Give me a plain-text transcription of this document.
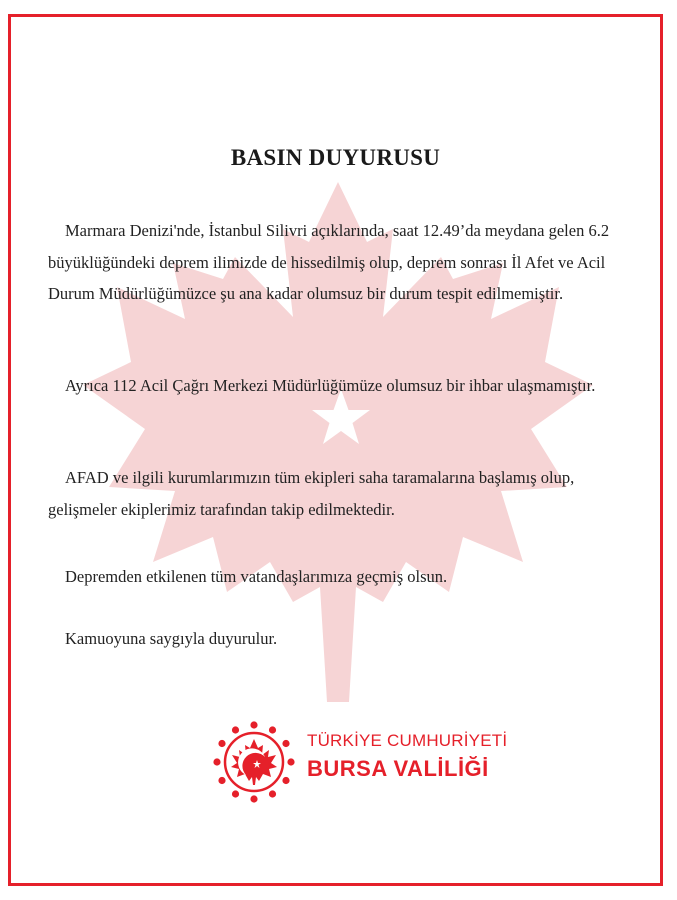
BASIN DUYURUSU

Marmara Denizi'nde, İstanbul Silivri açıklarında, saat 12.49’da meydana gelen 6.2 büyüklüğündeki deprem ilimizde de hissedilmiş olup, deprem sonrası İl Afet ve Acil Durum Müdürlüğümüzce şu ana kadar olumsuz bir durum tespit edilmemiştir.

Ayrıca 112 Acil Çağrı Merkezi Müdürlüğümüze olumsuz bir ihbar ulaşmamıştır.

AFAD ve ilgili kurumlarımızın tüm ekipleri saha taramalarına başlamış olup, gelişmeler ekiplerimiz tarafından takip edilmektedir.

Depremden etkilenen tüm vatandaşlarımıza geçmiş olsun.

Kamuoyuna saygıyla duyurulur.

TÜRKİYE CUMHURİYETİ

BURSA VALİLİĞİ
